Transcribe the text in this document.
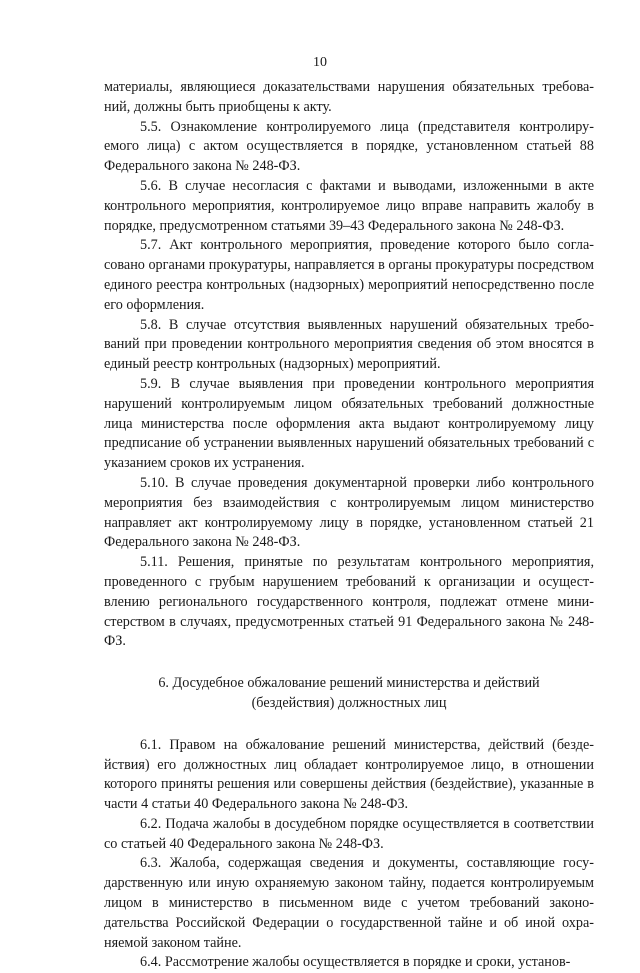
10

материалы, являющиеся доказательствами нарушения обязательных требований, должны быть приобщены к акту.

5.5. Ознакомление контролируемого лица (представителя контролируемого лица) с актом осуществляется в порядке, установленном статьей 88 Федерального закона № 248-ФЗ.

5.6. В случае несогласия с фактами и выводами, изложенными в акте контрольного мероприятия, контролируемое лицо вправе направить жалобу в порядке, предусмотренном статьями 39–43 Федерального закона № 248-ФЗ.

5.7. Акт контрольного мероприятия, проведение которого было согласовано органами прокуратуры, направляется в органы прокуратуры посредством единого реестра контрольных (надзорных) мероприятий непосредственно после его оформления.

5.8. В случае отсутствия выявленных нарушений обязательных требований при проведении контрольного мероприятия сведения об этом вносятся в единый реестр контрольных (надзорных) мероприятий.

5.9. В случае выявления при проведении контрольного мероприятия нарушений контролируемым лицом обязательных требований должностные лица министерства после оформления акта выдают контролируемому лицу предписание об устранении выявленных нарушений обязательных требований с указанием сроков их устранения.

5.10. В случае проведения документарной проверки либо контрольного мероприятия без взаимодействия с контролируемым лицом министерство направляет акт контролируемому лицу в порядке, установленном статьей 21 Федерального закона № 248-ФЗ.

5.11. Решения, принятые по результатам контрольного мероприятия, проведенного с грубым нарушением требований к организации и осуществлению регионального государственного контроля, подлежат отмене министерством в случаях, предусмотренных статьей 91 Федерального закона № 248-ФЗ.

6. Досудебное обжалование решений министерства и действий
(бездействия) должностных лиц

6.1. Правом на обжалование решений министерства, действий (бездействия) его должностных лиц обладает контролируемое лицо, в отношении которого приняты решения или совершены действия (бездействие), указанные в части 4 статьи 40 Федерального закона № 248-ФЗ.

6.2. Подача жалобы в досудебном порядке осуществляется в соответствии со статьей 40 Федерального закона № 248-ФЗ.

6.3. Жалоба, содержащая сведения и документы, составляющие государственную или иную охраняемую законом тайну, подается контролируемым лицом в министерство в письменном виде с учетом требований законодательства Российской Федерации о государственной тайне и об иной охраняемой законом тайне.

6.4. Рассмотрение жалобы осуществляется в порядке и сроки, установ-
